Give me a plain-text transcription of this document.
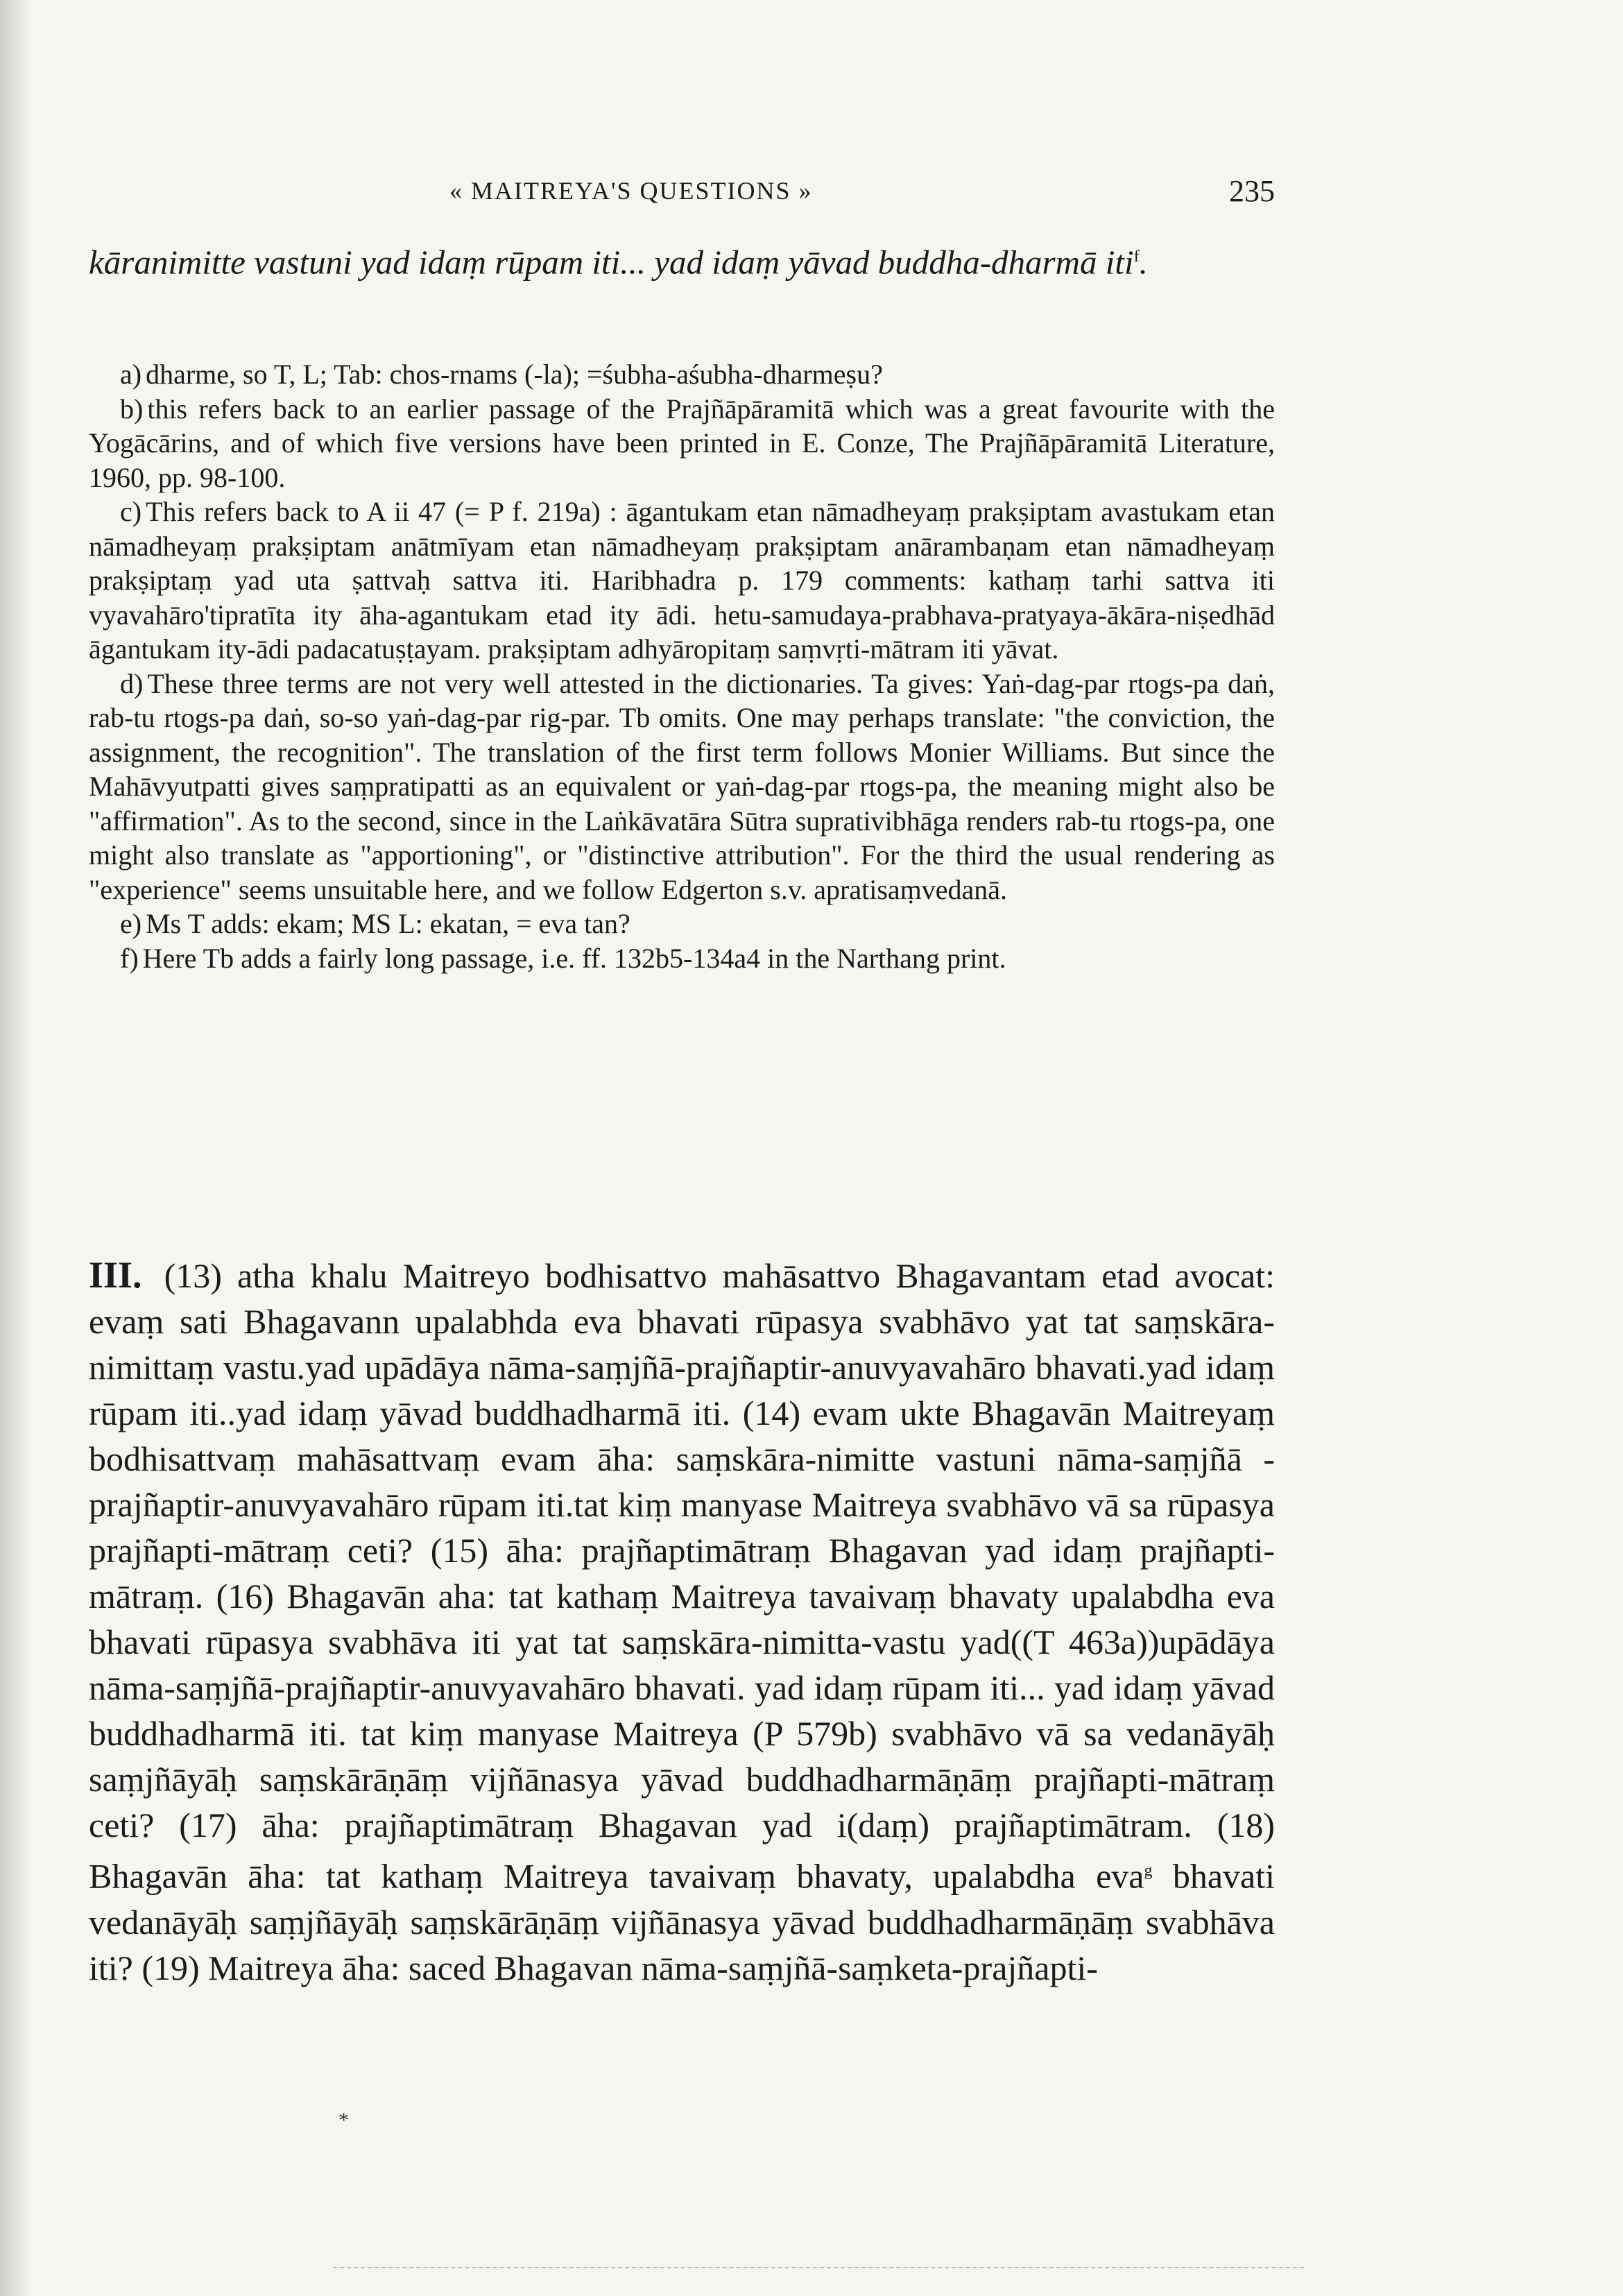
« MAITREYA'S QUESTIONS »	235
kāranimitte vastuni yad idaṃ rūpam iti... yad idaṃ yāvad buddha-dharmā iti$^f$.

a) dharme, so T, L; Tab: chos-rnams (-la); =śubha-aśubha-dharmeṣu?

b) this refers back to an earlier passage of the Prajñāpāramitā which was a great favourite with the Yogācārins, and of which five versions have been printed in E. Conze, The Prajñāpāramitā Literature, 1960, pp. 98-100.

c) This refers back to A ii 47 (= P f. 219a) : āgantukam etan nāmadheyaṃ prakṣiptam avastukam etan nāmadheyaṃ prakṣiptam anātmīyam etan nāmadheyaṃ prakṣiptam anārambaṇam etan nāmadheyaṃ prakṣiptaṃ yad uta ṣattvaḥ sattva iti. Haribhadra p. 179 comments: kathaṃ tarhi sattva iti vyavahāro'tipratīta ity āha-agantukam etad ity ādi. hetu-samudaya-prabhava-pratyaya-ākāra-niṣedhād āgantukam ity-ādi padacatuṣṭayam. prakṣiptam adhyāropitaṃ saṃvṛti-mātram iti yāvat.

d) These three terms are not very well attested in the dictionaries. Ta gives: Yaṅ-dag-par rtogs-pa daṅ, rab-tu rtogs-pa daṅ, so-so yaṅ-dag-par rig-par. Tb omits. One may perhaps translate: "the conviction, the assignment, the recognition". The translation of the first term follows Monier Williams. But since the Mahāvyutpatti gives saṃpratipatti as an equivalent or yaṅ-dag-par rtogs-pa, the meaning might also be "affirmation". As to the second, since in the Laṅkāvatāra Sūtra suprativibhāga renders rab-tu rtogs-pa, one might also translate as "apportioning", or "distinctive attribution". For the third the usual rendering as "experience" seems unsuitable here, and we follow Edgerton s.v. apratisaṃvedanā.

e) Ms T adds: ekam; MS L: ekatan, = eva tan?

f) Here Tb adds a fairly long passage, i.e. ff. 132b5-134a4 in the Narthang print.

III. (13) atha khalu Maitreyo bodhisattvo mahāsattvo Bhagavantam etad avocat: evaṃ sati Bhagavann upalabhda eva bhavati rūpasya svabhāvo yat tat saṃskāra-nimittaṃ vastu.yad upādāya nāma-saṃjñā-prajñaptir-anuvyavahāro bhavati.yad idaṃ rūpam iti..yad idaṃ yāvad buddhadharmā iti. (14) evam ukte Bhagavān Maitreyaṃ bodhisattvaṃ mahāsattvaṃ evam āha: saṃskāra-nimitte vastuni nāma-saṃjñā -prajñaptir-anuvyavahāro rūpam iti.tat kiṃ manyase Maitreya svabhāvo vā sa rūpasya prajñapti-mātraṃ ceti? (15) āha: prajñaptimātraṃ Bhagavan yad idaṃ prajñapti-mātraṃ. (16) Bhagavān aha: tat kathaṃ Maitreya tavaivaṃ bhavaty upalabdha eva bhavati rūpasya svabhāva iti yat tat saṃskāra-nimitta-vastu yad((T 463a))upādāya nāma-saṃjñā-prajñaptir-anuvyavahāro bhavati. yad idaṃ rūpam iti... yad idaṃ yāvad buddhadharmā iti. tat kiṃ manyase Maitreya (P 579b) svabhāvo vā sa vedanāyāḥ saṃjñāyāḥ saṃskārāṇāṃ vijñānasya yāvad buddhadharmāṇāṃ prajñapti-mātraṃ ceti? (17) āha: prajñaptimātraṃ Bhagavan yad i(daṃ) prajñaptimātram. (18) Bhagavān āha: tat kathaṃ Maitreya tavaivaṃ bhavaty, upalabdha eva$^g$ bhavati vedanāyāḥ saṃjñāyāḥ saṃskārāṇāṃ vijñānasya yāvad buddhadharmāṇāṃ svabhāva iti? (19) Maitreya āha: saced Bhagavan nāma-saṃjñā-saṃketa-prajñapti-
*
